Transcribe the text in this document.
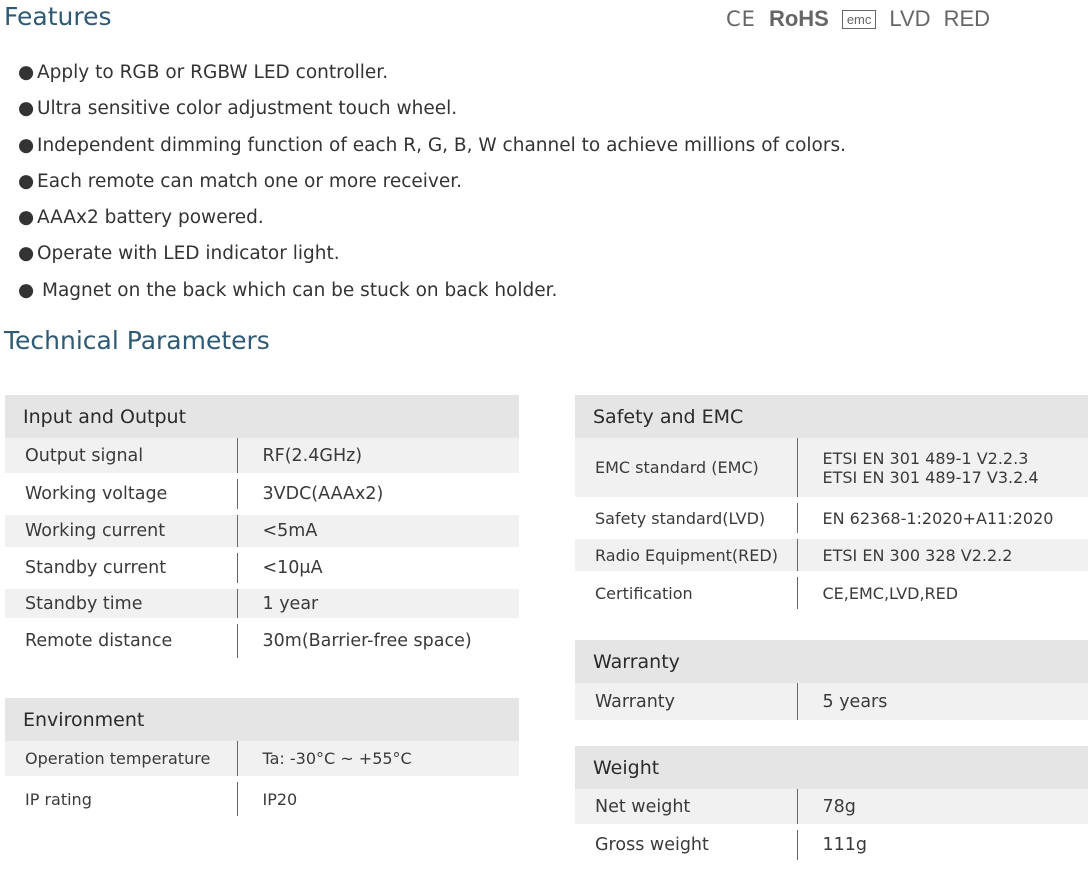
Features	CE RoHS	emc LVD RED
● Apply to RGB or RGBW LED controller.
● Ultra sensitive color adjustment touch wheel.
● Independent dimming function of each R, G, B, W channel to achieve millions of colors.
● Each remote can match one or more receiver.
● AAAx2 battery powered.
● Operate with LED indicator light.
● Magnet on the back which can be stuck on back holder.
Technical Parameters
Input and Output	
Output signal	RF(2.4GHz)
Working voltage	3VDC(AAAx2)
Working current	<5mA
Standby current	<10μA
Standby time	1 year
Remote distance	30m(Barrier-free space)
Environment	
Operation temperature	Ta: -30°C ~ +55°C
IP rating	IP20
Safety and EMC	
EMC standard (EMC)	ETSI EN 301 489-1 V2.2.3
ETSI EN 301 489-17 V3.2.4

Safety standard(LVD)	EN 62368-1:2020+A11:2020
Radio Equipment(RED)	ETSI EN 300 328 V2.2.2
Certification	CE,EMC,LVD,RED
Warranty
Warranty	5 years
Weight	
Net weight	78g
Gross weight	111g
